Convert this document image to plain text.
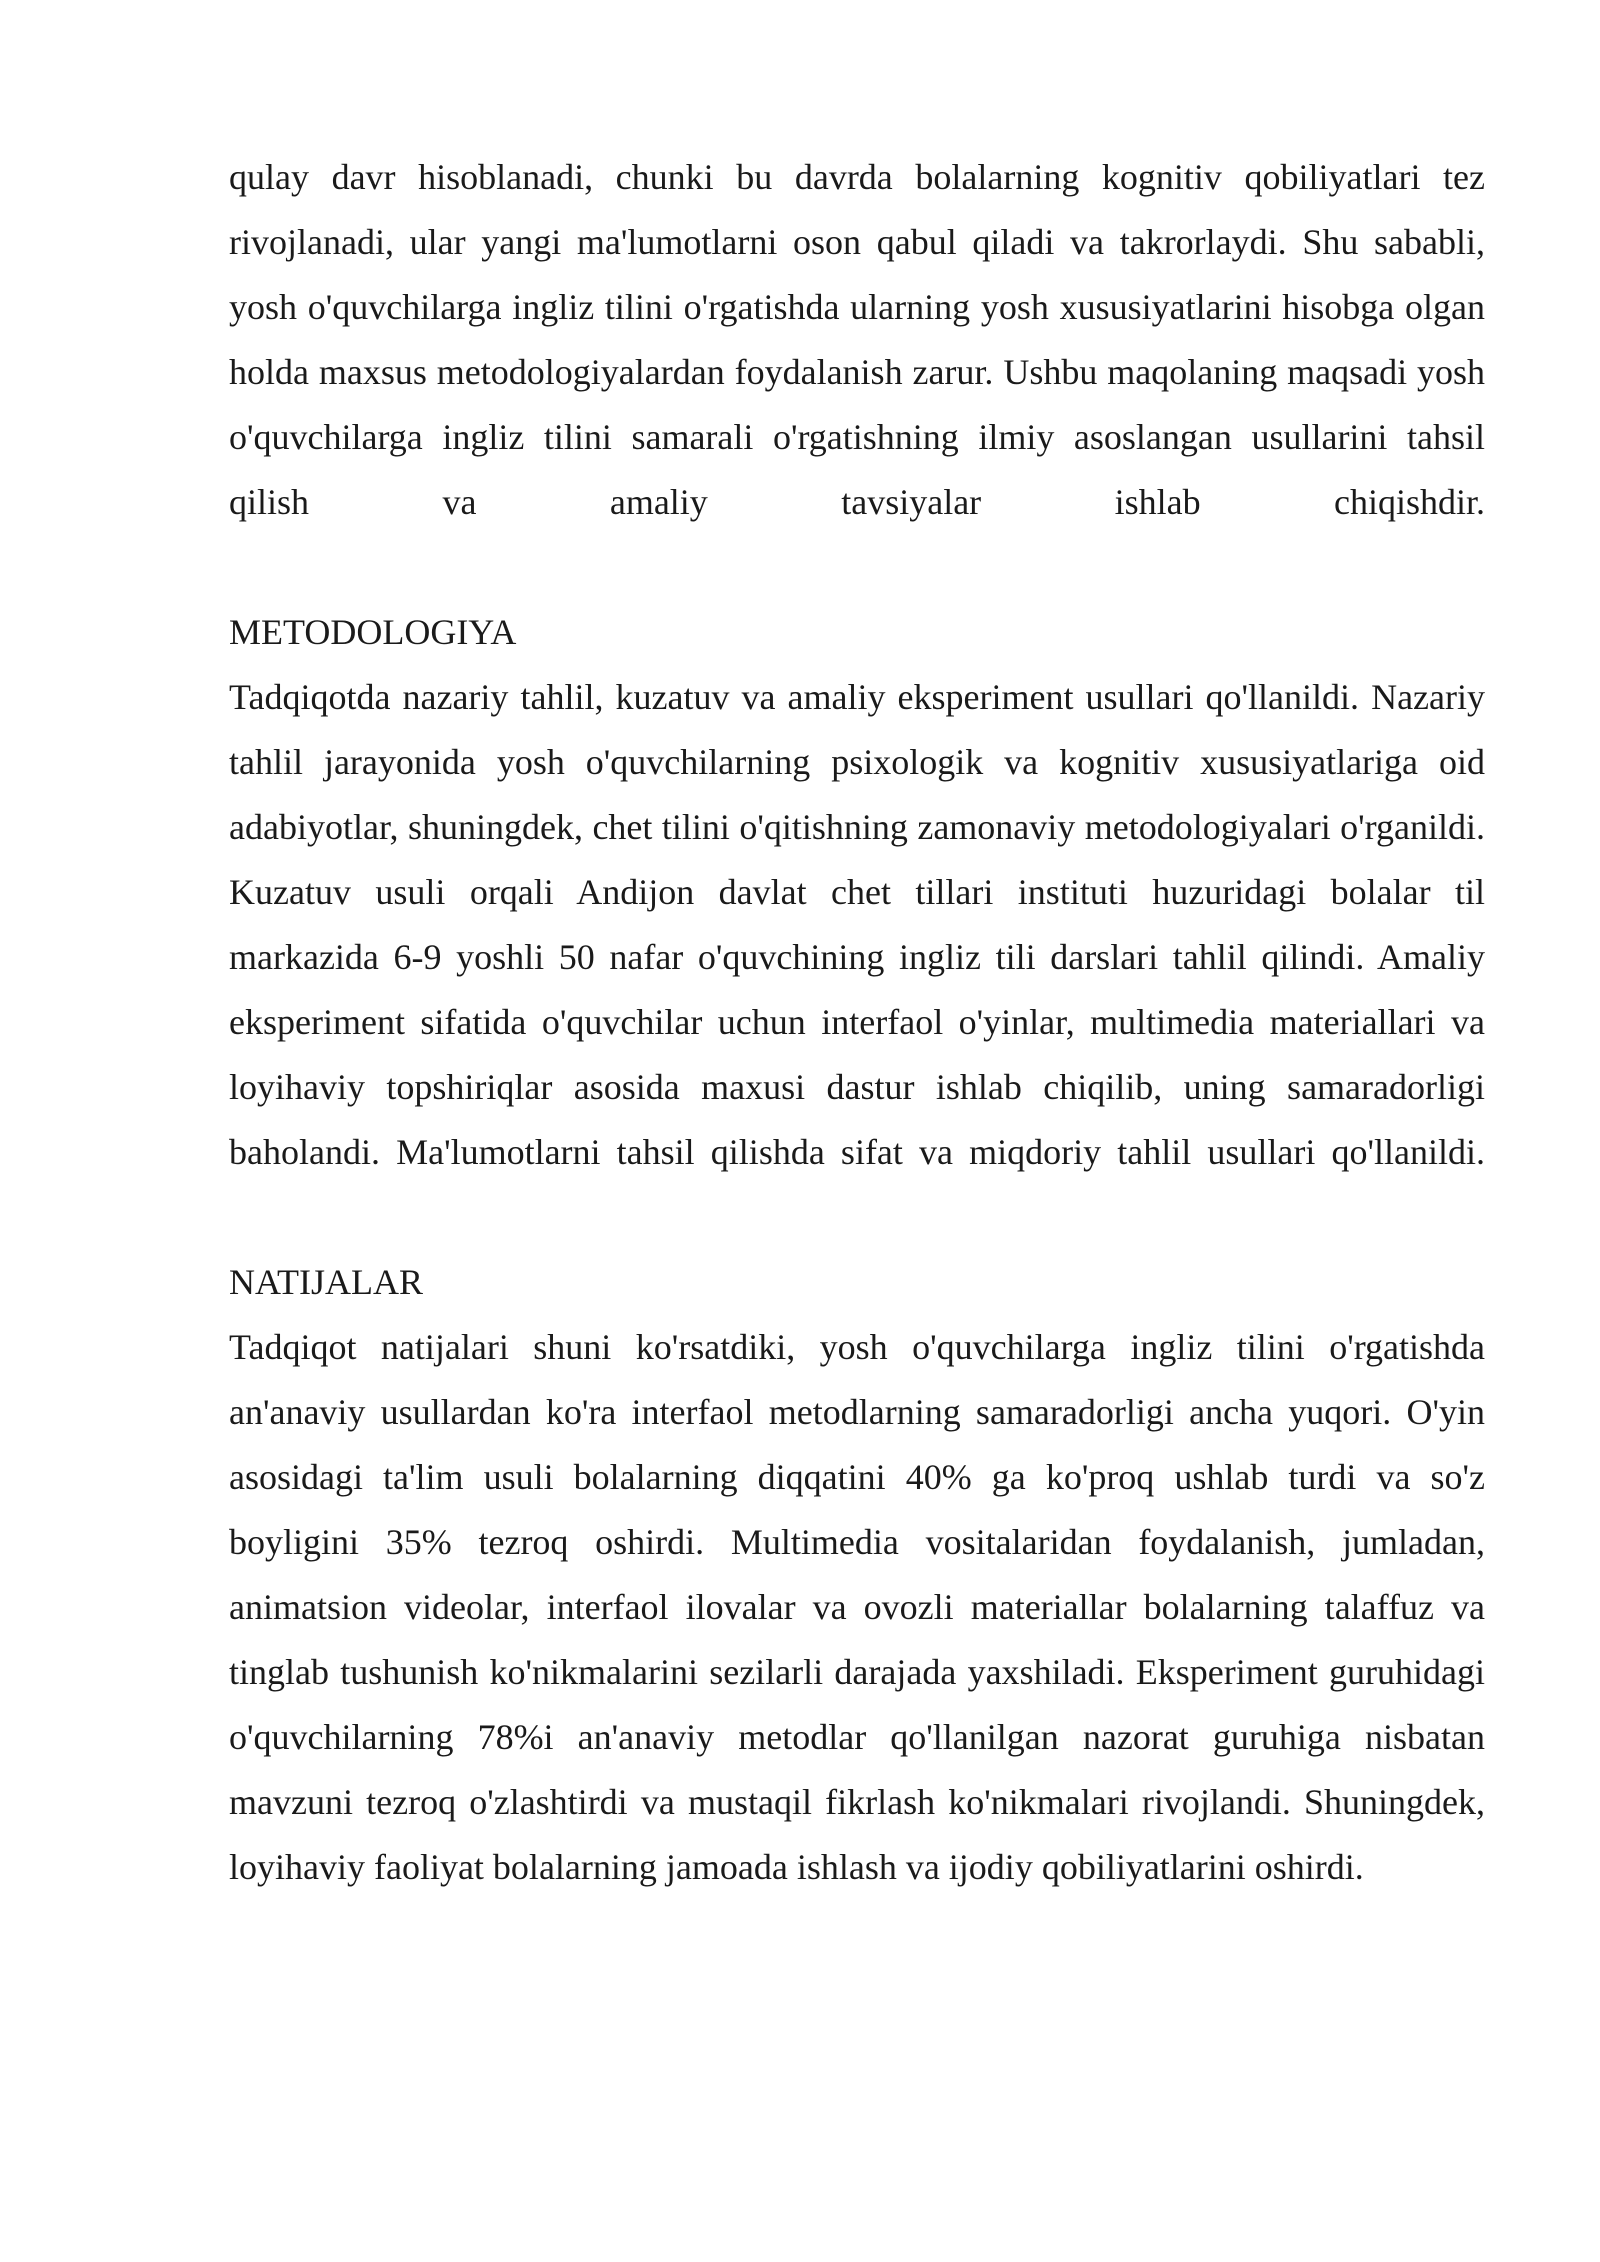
qulay davr hisoblanadi, chunki bu davrda bolalarning kognitiv qobiliyatlari tez rivojlanadi, ular yangi ma'lumotlarni oson qabul qiladi va takrorlaydi. Shu sababli, yosh o'quvchilarga ingliz tilini o'rgatishda ularning yosh xususiyatlarini hisobga olgan holda maxsus metodologiyalardan foydalanish zarur. Ushbu maqolaning maqsadi yosh o'quvchilarga ingliz tilini samarali o'rgatishning ilmiy asoslangan usullarini tahsil qilish va amaliy tavsiyalar ishlab chiqishdir.

METODOLOGIYA

Tadqiqotda nazariy tahlil, kuzatuv va amaliy eksperiment usullari qo'llanildi. Nazariy tahlil jarayonida yosh o'quvchilarning psixologik va kognitiv xususiyatlariga oid adabiyotlar, shuningdek, chet tilini o'qitishning zamonaviy metodologiyalari o'rganildi. Kuzatuv usuli orqali Andijon davlat chet tillari instituti huzuridagi bolalar til markazida 6-9 yoshli 50 nafar o'quvchining ingliz tili darslari tahlil qilindi. Amaliy eksperiment sifatida o'quvchilar uchun interfaol o'yinlar, multimedia materiallari va loyihaviy topshiriqlar asosida maxusi dastur ishlab chiqilib, uning samaradorligi baholandi. Ma'lumotlarni tahsil qilishda sifat va miqdoriy tahlil usullari qo'llanildi.

NATIJALAR

Tadqiqot natijalari shuni ko'rsatdiki, yosh o'quvchilarga ingliz tilini o'rgatishda an'anaviy usullardan ko'ra interfaol metodlarning samaradorligi ancha yuqori. O'yin asosidagi ta'lim usuli bolalarning diqqatini 40% ga ko'proq ushlab turdi va so'z boyligini 35% tezroq oshirdi. Multimedia vositalaridan foydalanish, jumladan, animatsion videolar, interfaol ilovalar va ovozli materiallar bolalarning talaffuz va tinglab tushunish ko'nikmalarini sezilarli darajada yaxshiladi. Eksperiment guruhidagi o'quvchilarning 78%i an'anaviy metodlar qo'llanilgan nazorat guruhiga nisbatan mavzuni tezroq o'zlashtirdi va mustaqil fikrlash ko'nikmalari rivojlandi. Shuningdek, loyihaviy faoliyat bolalarning jamoada ishlash va ijodiy qobiliyatlarini oshirdi.
